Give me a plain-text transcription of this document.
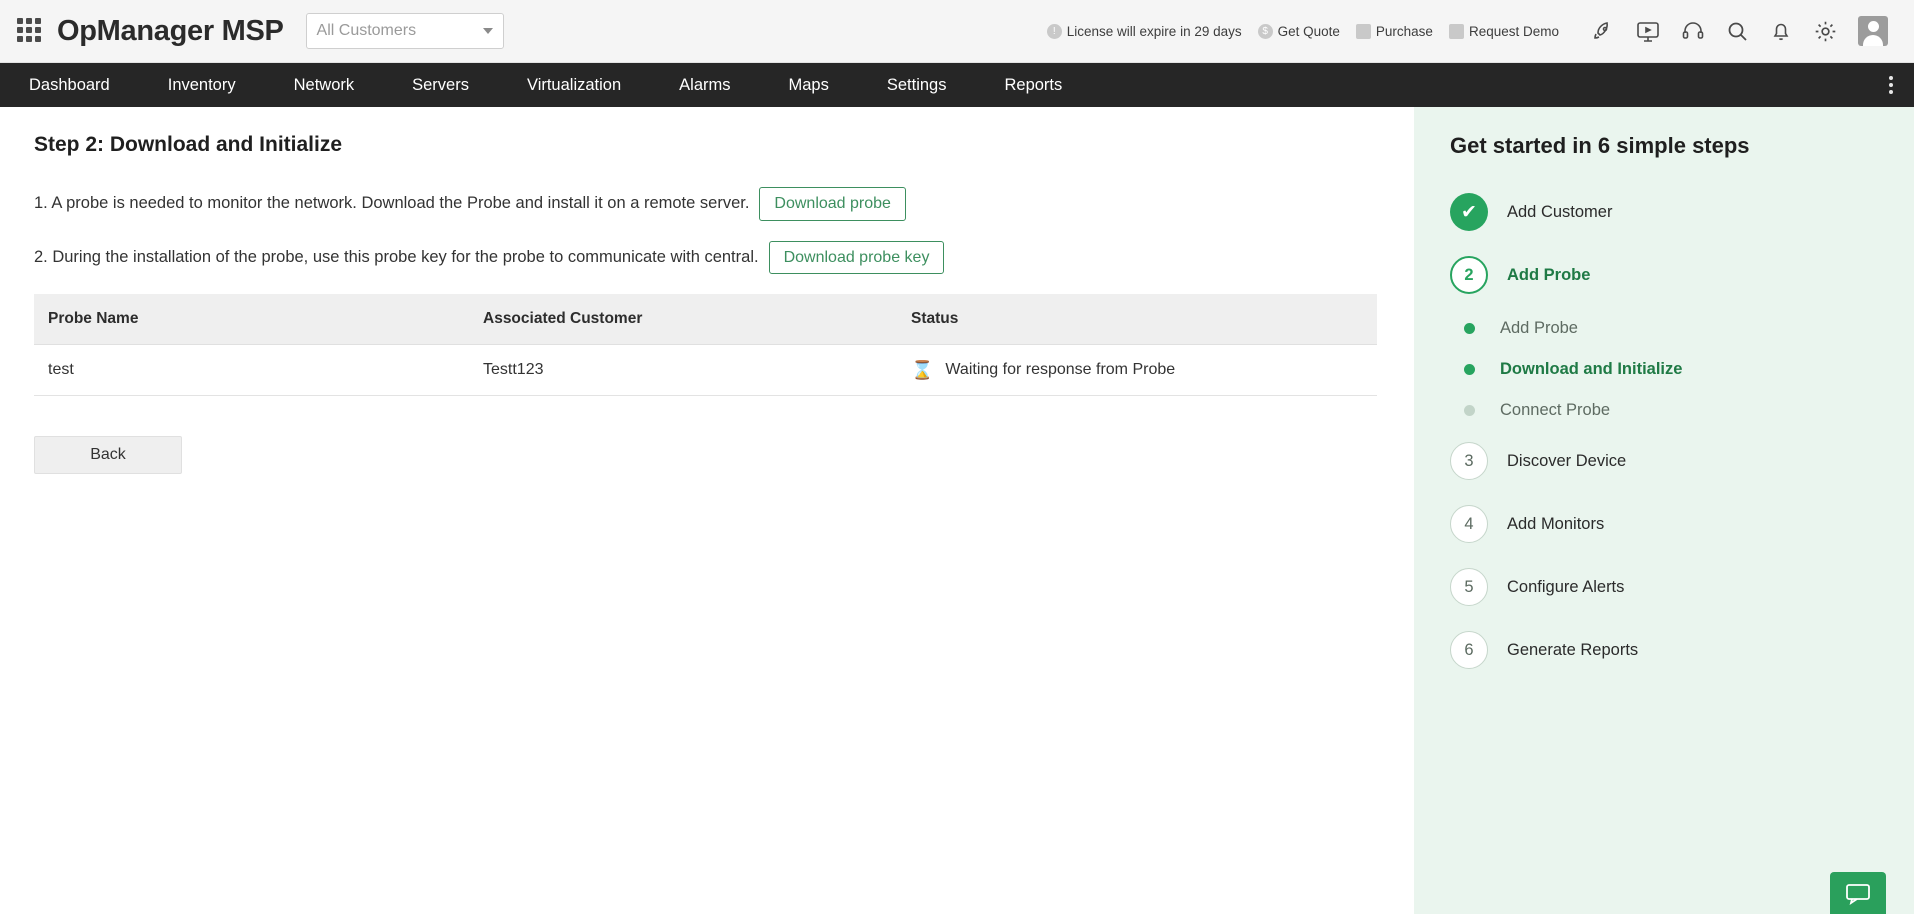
OpManager MSP All Customers	! License will expire in 29 days	$ Get Quote	Purchase	Request Demo
Dashboard	Inventory	Network	Servers	Virtualization	Alarms	Maps	Settings	Reports
Step 2: Download and Initialize
1. A probe is needed to monitor the network. Download the Probe and install it on a remote server.	Download probe
2. During the installation of the probe, use this probe key for the probe to communicate with central.	Download probe key
Probe Name	Associated Customer	Status
test	Testt123	⌛ Waiting for response from Probe
Back
Get started in 6 simple steps
✔	Add Customer
2	Add Probe
Add Probe
Download and Initialize
Connect Probe
3	Discover Device
4	Add Monitors
5	Configure Alerts
6	Generate Reports
